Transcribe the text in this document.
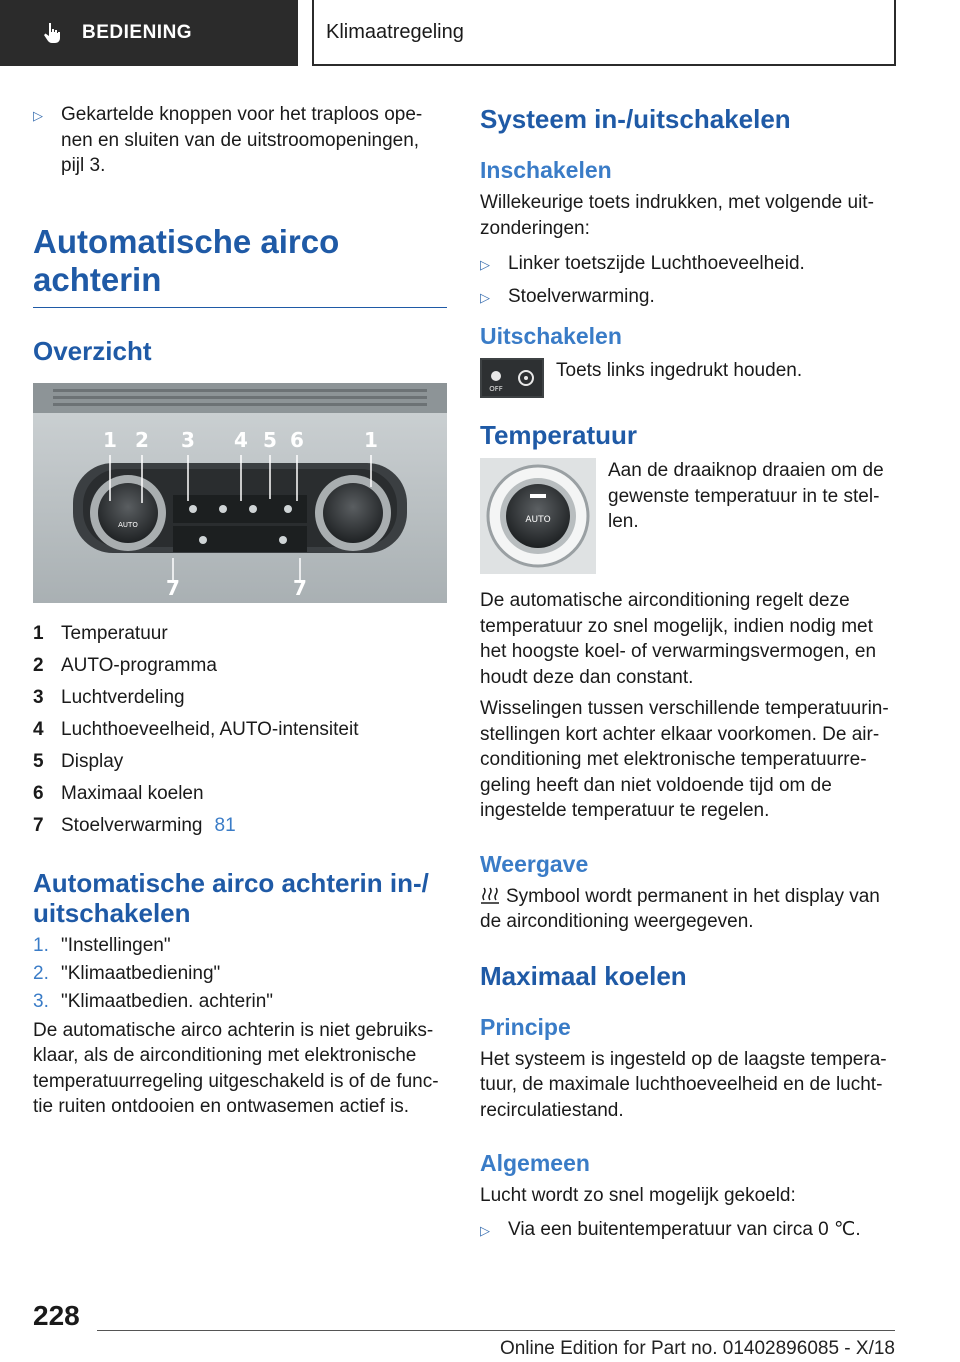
BEDIENING	Klimaatregeling
▷ Gekartelde knoppen voor het traploos openen en sluiten van de uitstroomopeningen, pijl 3.
Automatische airco
achterin
Overzicht
AUTO
1 2 3 4 5 6	1
7	7
1 Temperatuur
2 AUTO-programma
3 Luchtverdeling
4 Luchthoeveelheid, AUTO-intensiteit
5 Display
6 Maximaal koelen
7 Stoelverwarming 81
Automatische airco achterin in-/ uitschakelen
1. "Instellingen"
2. "Klimaatbediening"
3. "Klimaatbedien. achterin"

De automatische airco achterin is niet gebruiksklaar, als de airconditioning met elektronische temperatuurregeling uitgeschakeld is of de functie ruiten ontdooien en ontwasemen actief is.

Systeem in-/uitschakelen
Inschakelen

Willekeurige toets indrukken, met volgende uitzonderingen:

▷ Linker toetszijde Luchthoeveelheid.
▷ Stoelverwarming.
Uitschakelen
OFF

Toets links ingedrukt houden.

Temperatuur
AUTO

Aan de draaiknop draaien om de gewenste temperatuur in te stellen.

De automatische airconditioning regelt deze temperatuur zo snel mogelijk, indien nodig met het hoogste koel- of verwarmingsvermogen, en houdt deze dan constant.

Wisselingen tussen verschillende temperatuurinstellingen kort achter elkaar voorkomen. De airconditioning met elektronische temperatuurregeling heeft dan niet voldoende tijd om de ingestelde temperatuur te regelen.

Weergave

Symbool wordt permanent in het display van de airconditioning weergegeven.

Maximaal koelen
Principe

Het systeem is ingesteld op de laagste temperatuur, de maximale luchthoeveelheid en de luchtrecirculatiestand.

Algemeen

Lucht wordt zo snel mogelijk gekoeld:

▷ Via een buitentemperatuur van circa 0 ℃.
228
Online Edition for Part no. 01402896085 - X/18
